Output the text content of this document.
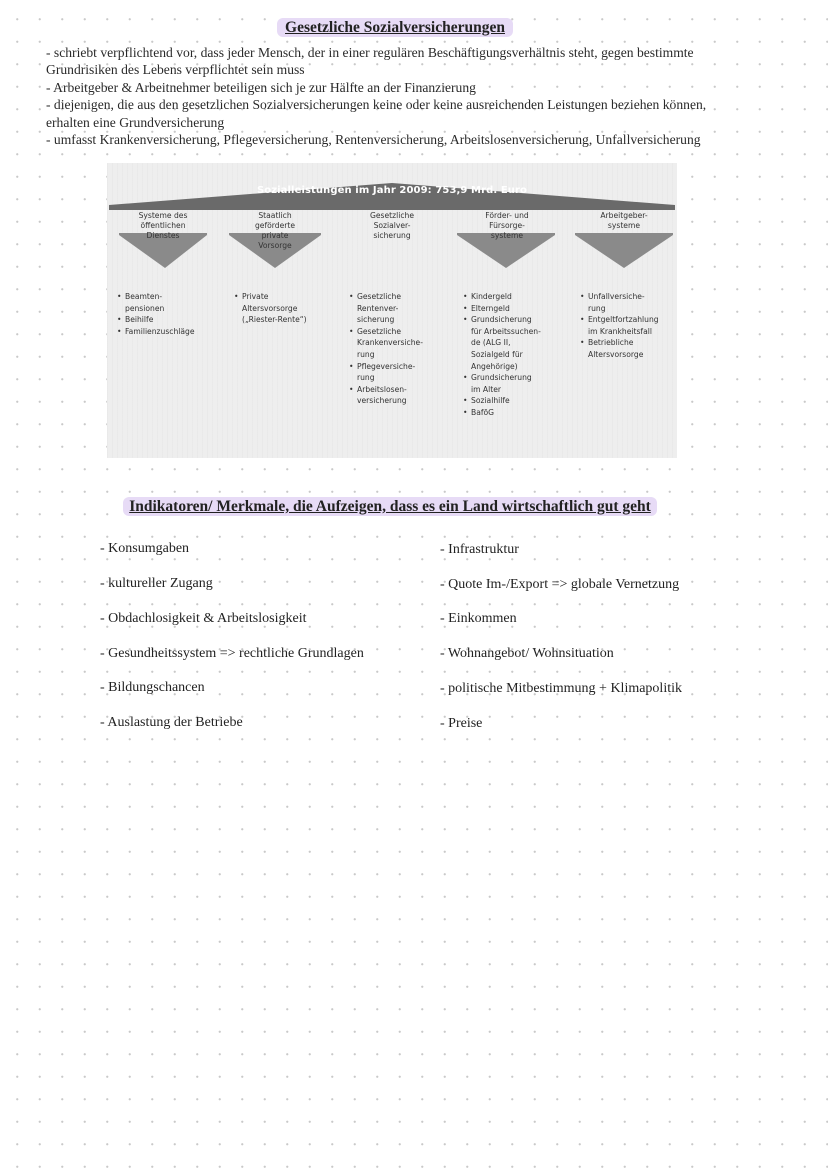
Gesetzliche Sozialversicherungen
- schriebt verpflichtend vor, dass jeder Mensch, der in einer regulären Beschäftigungsverhältnis steht, gegen bestimmte
Grundrisiken des Lebens verpflichtet sein muss
- Arbeitgeber & Arbeitnehmer beteiligen sich je zur Hälfte an der Finanzierung
- diejenigen, die aus den gesetzlichen Sozialversicherungen keine oder keine ausreichenden Leistungen beziehen können,
erhalten eine Grundversicherung
- umfasst Krankenversicherung, Pflegeversicherung, Rentenversicherung, Arbeitslosenversicherung, Unfallversicherung
Sozialleistungen im Jahr 2009: 753,9 Mrd. Euro
Systeme des
öffentlichen
Dienstes
Staatlich
geförderte
private
Vorsorge
Gesetzliche
Sozialver-
sicherung
Förder- und
Fürsorge-
systeme
Arbeitgeber-
systeme
• Beamten-
pensionen
• Beihilfe
• Familienzuschläge
• Private
Altersvorsorge
(„Riester-Rente“)
• Gesetzliche
Rentenver-
sicherung
• Gesetzliche
Krankenversiche-
rung
• Pflegeversiche-
rung
• Arbeitslosen-
versicherung
• Kindergeld
• Elterngeld
• Grundsicherung
für Arbeitssuchen-
de (ALG II,
Sozialgeld für
Angehörige)
• Grundsicherung
im Alter
• Sozialhilfe
• BafōG
• Unfallversiche-
rung
• Entgeltfortzahlung
im Krankheitsfall
• Betriebliche
Altersvorsorge
Indikatoren/ Merkmale, die Aufzeigen, dass es ein Land wirtschaftlich gut geht
- Konsumgaben
- kultureller Zugang
- Obdachlosigkeit & Arbeitslosigkeit
- Gesundheitssystem => rechtliche Grundlagen
- Bildungschancen
- Auslastung der Betriebe
- Infrastruktur
- Quote Im-/Export => globale Vernetzung
- Einkommen
- Wohnangebot/ Wohnsituation
- politische Mitbestimmung + Klimapolitik
- Preise
